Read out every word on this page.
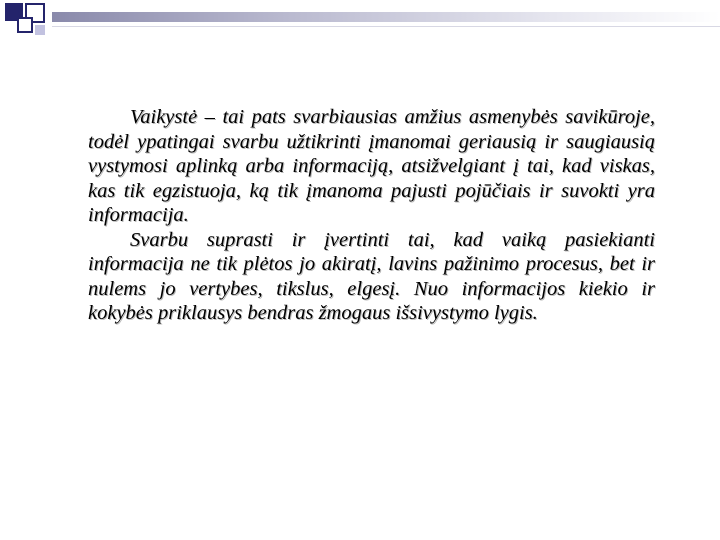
Vaikystė – tai pats svarbiausias amžius asmenybės savikūroje, todėl ypatingai svarbu užtikrinti įmanomai geriausią ir saugiausią vystymosi aplinką arba informaciją, atsižvelgiant į tai, kad viskas, kas tik egzistuoja, ką tik įmanoma pajusti pojūčiais ir suvokti yra informacija.

Svarbu suprasti ir įvertinti tai, kad vaiką pasiekianti informacija ne tik plėtos jo akiratį, lavins pažinimo procesus, bet ir nulems jo vertybes, tikslus, elgesį. Nuo informacijos kiekio ir kokybės priklausys bendras žmogaus išsivystymo lygis.
